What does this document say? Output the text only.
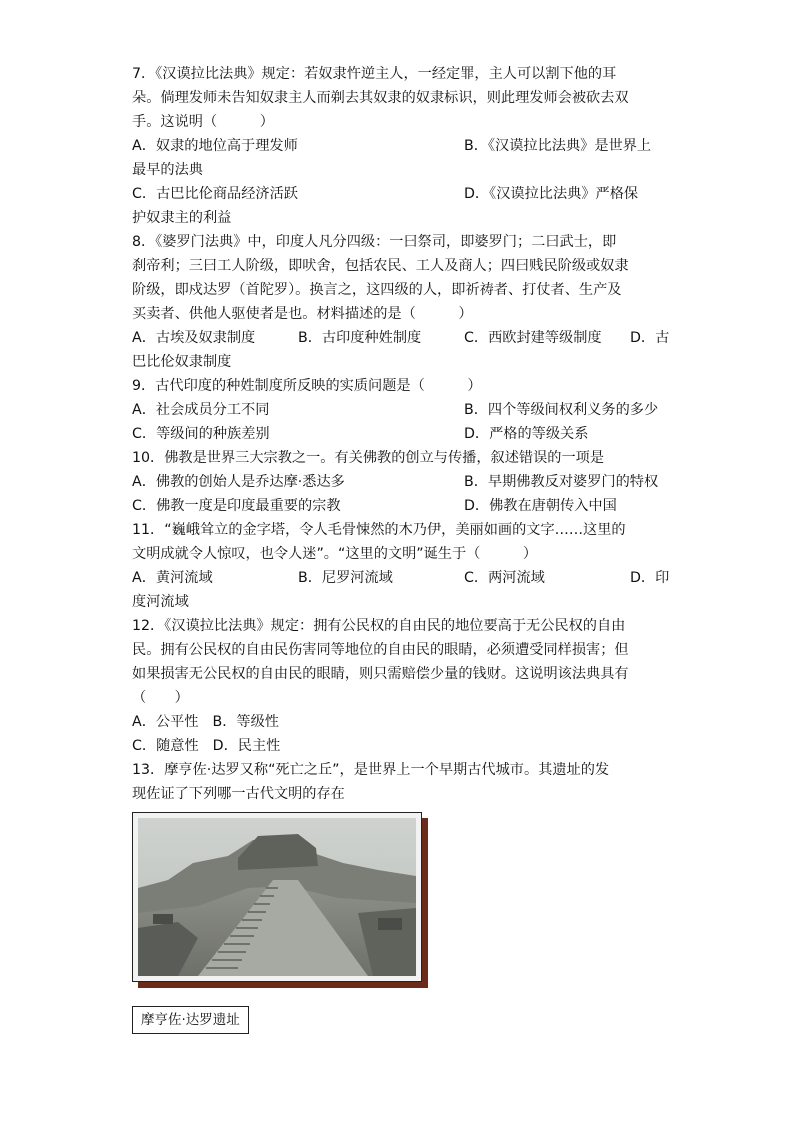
7．《汉谟拉比法典》规定：若奴隶忤逆主人，一经定罪，主人可以割下他的耳

朵。倘理发师未告知奴隶主人而剃去其奴隶的奴隶标识，则此理发师会被砍去双

手。这说明（　　　）

A．奴隶的地位高于理发师	B．《汉谟拉比法典》是世界上
最早的法典
C．古巴比伦商品经济活跃	D．《汉谟拉比法典》严格保
护奴隶主的利益

8．《婆罗门法典》中，印度人凡分四级：一曰祭司，即婆罗门；二曰武士，即

刹帝利；三曰工人阶级，即吠舍，包括农民、工人及商人；四曰贱民阶级或奴隶

阶级，即戍达罗（首陀罗）。换言之，这四级的人，即祈祷者、打仗者、生产及

买卖者、供他人驱使者是也。材料描述的是（　　　）

A．古埃及奴隶制度	B．古印度种姓制度	C．西欧封建等级制度	D．古
巴比伦奴隶制度

9．古代印度的种姓制度所反映的实质问题是（　　　）

A．社会成员分工不同	B．四个等级间权利义务的多少
C．等级间的种族差别	D．严格的等级关系

10．佛教是世界三大宗教之一。有关佛教的创立与传播，叙述错误的一项是

A．佛教的创始人是乔达摩·悉达多	B．早期佛教反对婆罗门的特权
C．佛教一度是印度最重要的宗教	D．佛教在唐朝传入中国

11．“巍峨耸立的金字塔，令人毛骨悚然的木乃伊，美丽如画的文字……这里的

文明成就令人惊叹，也令人迷”。“这里的文明”诞生于（　　　）

A．黄河流域	B．尼罗河流域	C．两河流域	D．印
度河流域

12．《汉谟拉比法典》规定：拥有公民权的自由民的地位要高于无公民权的自由

民。拥有公民权的自由民伤害同等地位的自由民的眼睛，必须遭受同样损害；但

如果损害无公民权的自由民的眼睛，则只需赔偿少量的钱财。这说明该法典具有

（　　）

A．公平性 B．等级性
C．随意性 D．民主性

13．摩亨佐·达罗又称“死亡之丘”，是世界上一个早期古代城市。其遗址的发

现佐证了下列哪一古代文明的存在

摩亨佐·达罗遗址
